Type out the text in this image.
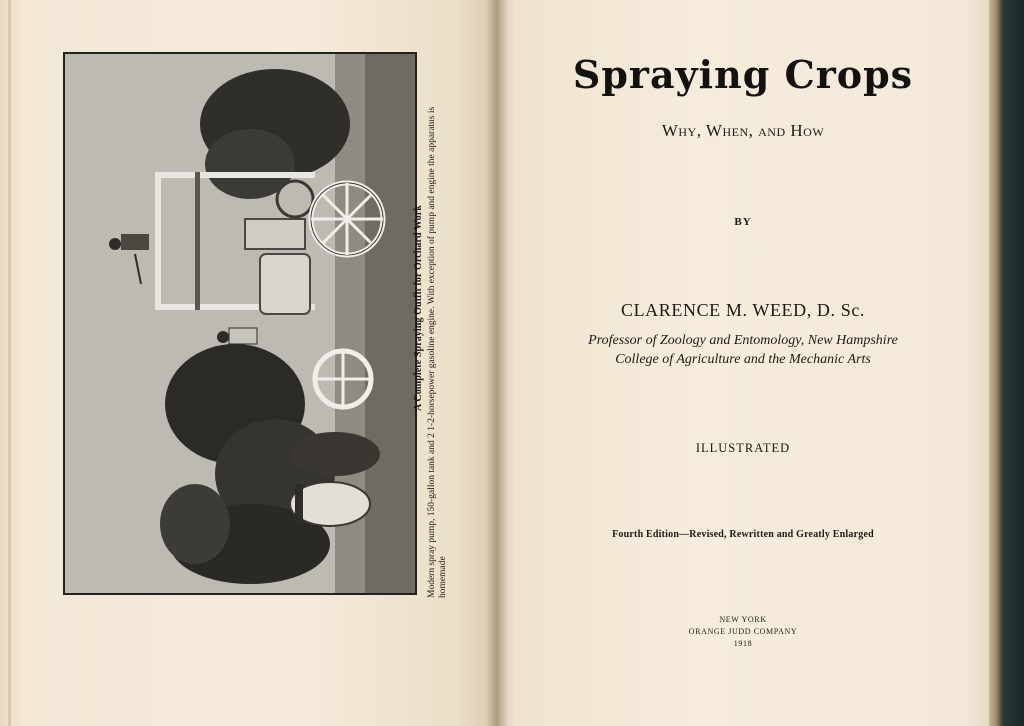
A Complete Spraying Outfit for Orchard Work Modern spray pump, 150-gallon tank and 2 1-2-horsepower gasoline engine. With exception of pump and engine the apparatus is homemade
Spraying Crops
Why, When, and How
BY
CLARENCE M. WEED, D. Sc.
Professor of Zoology and Entomology, New Hampshire
College of Agriculture and the Mechanic Arts
ILLUSTRATED
Fourth Edition—Revised, Rewritten and Greatly Enlarged
NEW YORK
ORANGE JUDD COMPANY
1918
